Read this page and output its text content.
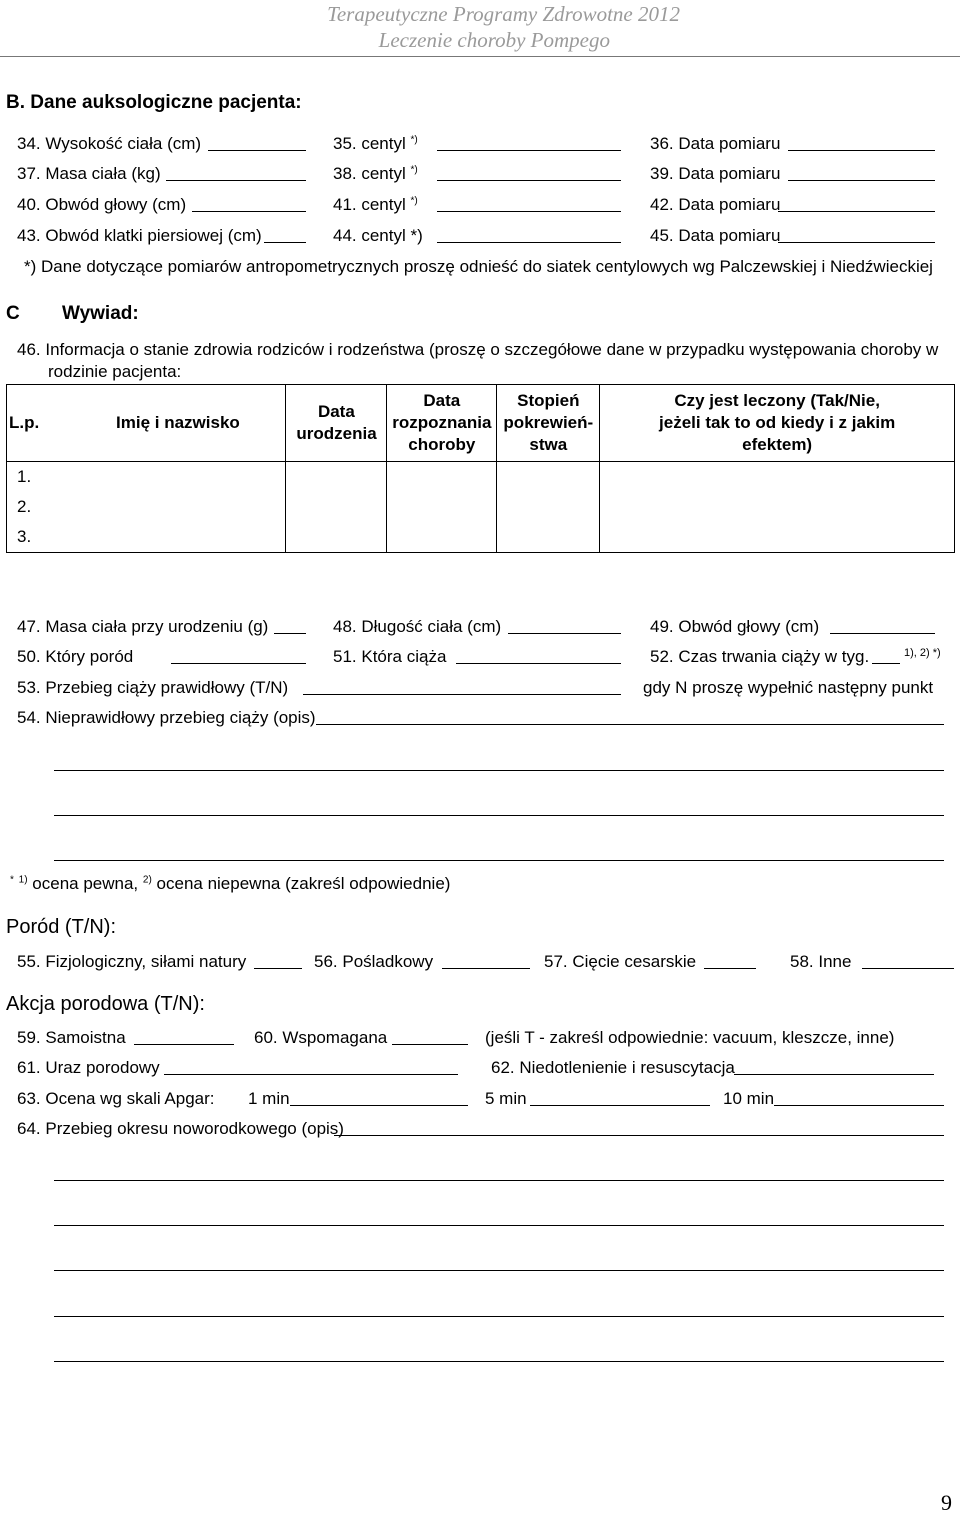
Terapeutyczne Programy Zdrowotne 2012
Leczenie choroby Pompego
B. Dane auksologiczne pacjenta:
34. Wysokość ciała (cm)	35. centyl *)	36. Data pomiaru
37. Masa ciała (kg)	38. centyl *)	39. Data pomiaru
40. Obwód głowy (cm)	41. centyl *)	42. Data pomiaru
43. Obwód klatki piersiowej (cm)	44. centyl *)	45. Data pomiaru
*) Dane dotyczące pomiarów antropometrycznych proszę odnieść do siatek centylowych wg Palczewskiej i Niedźwieckiej
C Wywiad:
46. Informacja o stanie zdrowia rodziców i rodzeństwa (proszę o szczegółowe dane w przypadku występowania choroby w
rodzinie pacjenta:
L.p.	Imię i nazwisko	Data urodzenia	Data rozpoznania choroby	Stopień pokrewień-stwa	Czy jest leczony (Tak/Nie, jeżeli tak to od kiedy i z jakim efektem)

1.					
2.					
3.					
47. Masa ciała przy urodzeniu (g)	48. Długość ciała (cm)	49. Obwód głowy (cm)
50. Który poród	51. Która ciąża	52. Czas trwania ciąży w tyg.	1), 2) *)
53. Przebieg ciąży prawidłowy (T/N)	gdy N proszę wypełnić następny punkt
54. Nieprawidłowy przebieg ciąży (opis)
* $^{1)}$ ocena pewna, $^{2)}$ ocena niepewna (zakreśl odpowiednie)
Poród (T/N):
55. Fizjologiczny, siłami natury	56. Pośladkowy	57. Cięcie cesarskie	58. Inne
Akcja porodowa (T/N):
59. Samoistna	60. Wspomagana	(jeśli T - zakreśl odpowiednie: vacuum, kleszcze, inne)
61. Uraz porodowy	62. Niedotlenienie i resuscytacja
63. Ocena wg skali Apgar: 1 min	5 min	10 min
64. Przebieg okresu noworodkowego (opis)
9
